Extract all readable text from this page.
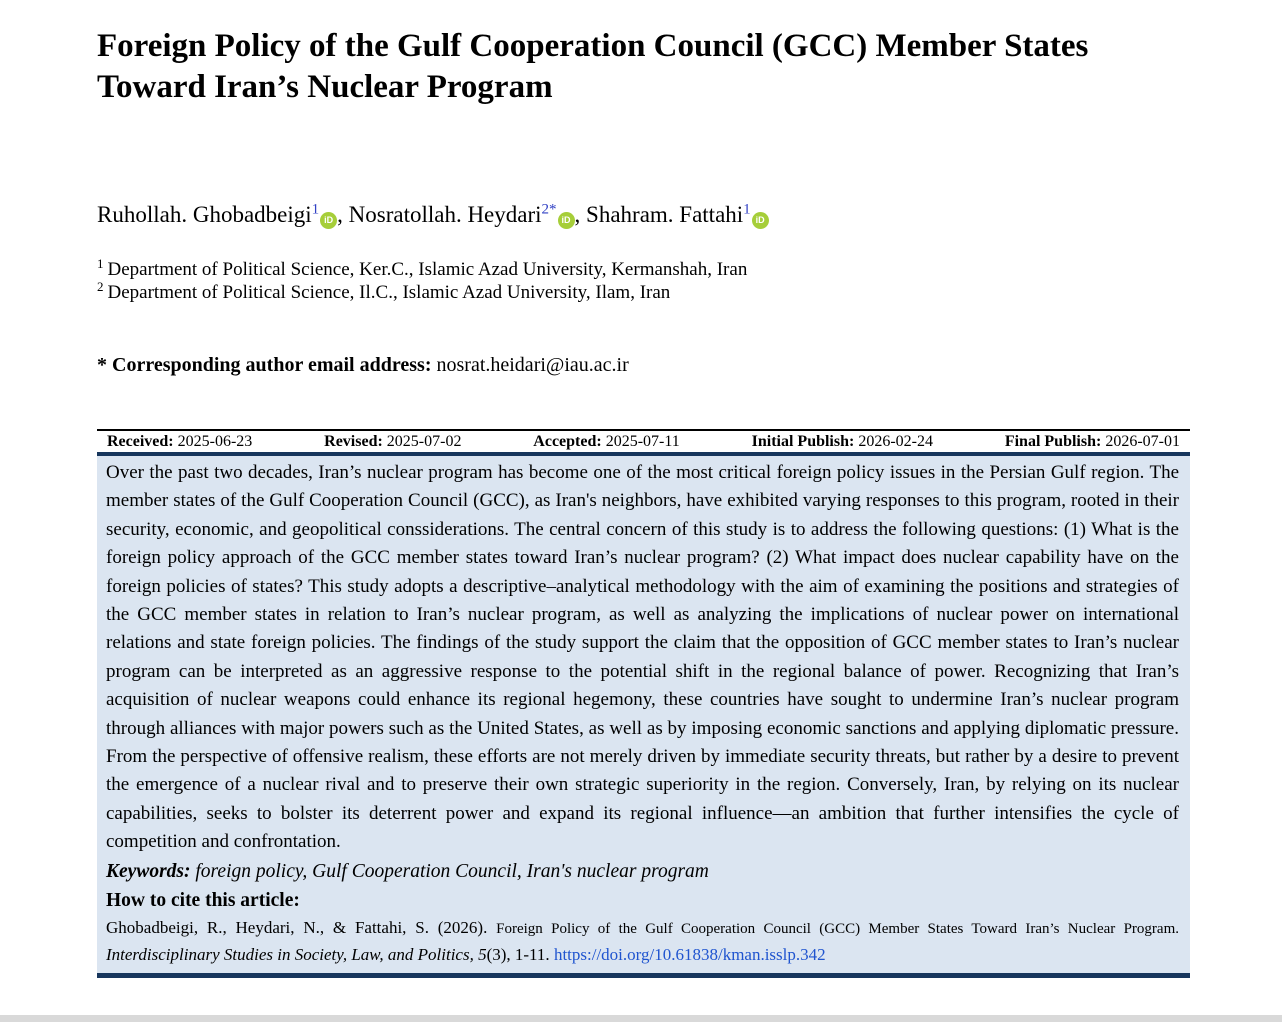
Foreign Policy of the Gulf Cooperation Council (GCC) Member States Toward Iran’s Nuclear Program
Ruhollah. Ghobadbeigi$^1$iD , Nosratollah. Heydari$^{2*}$iD , Shahram. Fattahi$^1$iD

$^1$ Department of Political Science, Ker.C., Islamic Azad University, Kermanshah, Iran

$^2$ Department of Political Science, Il.C., Islamic Azad University, Ilam, Iran

* Corresponding author email address: nosrat.heidari@iau.ac.ir
Received: 2025-06-23	Revised: 2025-07-02	Accepted: 2025-07-11	Initial Publish: 2026-02-24	Final Publish: 2026-07-01

Over the past two decades, Iran’s nuclear program has become one of the most critical foreign policy issues in the Persian Gulf region. The member states of the Gulf Cooperation Council (GCC), as Iran's neighbors, have exhibited varying responses to this program, rooted in their security, economic, and geopolitical conssiderations. The central concern of this study is to address the following questions: (1) What is the foreign policy approach of the GCC member states toward Iran’s nuclear program? (2) What impact does nuclear capability have on the foreign policies of states? This study adopts a descriptive–analytical methodology with the aim of examining the positions and strategies of the GCC member states in relation to Iran’s nuclear program, as well as analyzing the implications of nuclear power on international relations and state foreign policies. The findings of the study support the claim that the opposition of GCC member states to Iran’s nuclear program can be interpreted as an aggressive response to the potential shift in the regional balance of power. Recognizing that Iran’s acquisition of nuclear weapons could enhance its regional hegemony, these countries have sought to undermine Iran’s nuclear program through alliances with major powers such as the United States, as well as by imposing economic sanctions and applying diplomatic pressure. From the perspective of offensive realism, these efforts are not merely driven by immediate security threats, but rather by a desire to prevent the emergence of a nuclear rival and to preserve their own strategic superiority in the region. Conversely, Iran, by relying on its nuclear capabilities, seeks to bolster its deterrent power and expand its regional influence—an ambition that further intensifies the cycle of competition and confrontation.

Keywords: foreign policy, Gulf Cooperation Council, Iran's nuclear program

How to cite this article:

Ghobadbeigi, R., Heydari, N., & Fattahi, S. (2026). Foreign Policy of the Gulf Cooperation Council (GCC) Member States Toward Iran’s Nuclear Program. Interdisciplinary Studies in Society, Law, and Politics, 5(3), 1-11. https://doi.org/10.61838/kman.isslp.342
